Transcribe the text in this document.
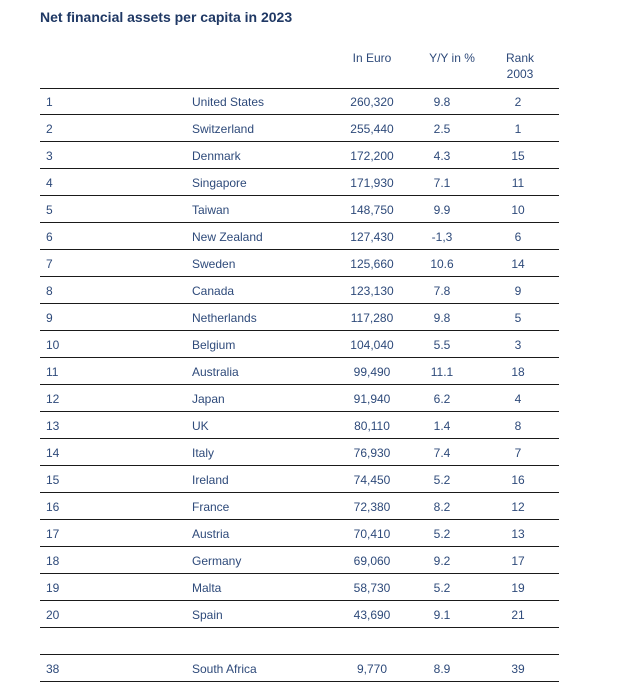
Net financial assets per capita in 2023
In Euro	Y/Y in %	Rank
2003
1	United States	260,320	9.8	2
2	Switzerland	255,440	2.5	1
3	Denmark	172,200	4.3	15
4	Singapore	171,930	7.1	11
5	Taiwan	148,750	9.9	10
6	New Zealand	127,430	-1,3	6
7	Sweden	125,660	10.6	14
8	Canada	123,130	7.8	9
9	Netherlands	117,280	9.8	5
10	Belgium	104,040	5.5	3
11	Australia	99,490	11.1	18
12	Japan	91,940	6.2	4
13	UK	80,110	1.4	8
14	Italy	76,930	7.4	7
15	Ireland	74,450	5.2	16
16	France	72,380	8.2	12
17	Austria	70,410	5.2	13
18	Germany	69,060	9.2	17
19	Malta	58,730	5.2	19
20	Spain	43,690	9.1	21
38	South Africa	9,770	8.9	39
